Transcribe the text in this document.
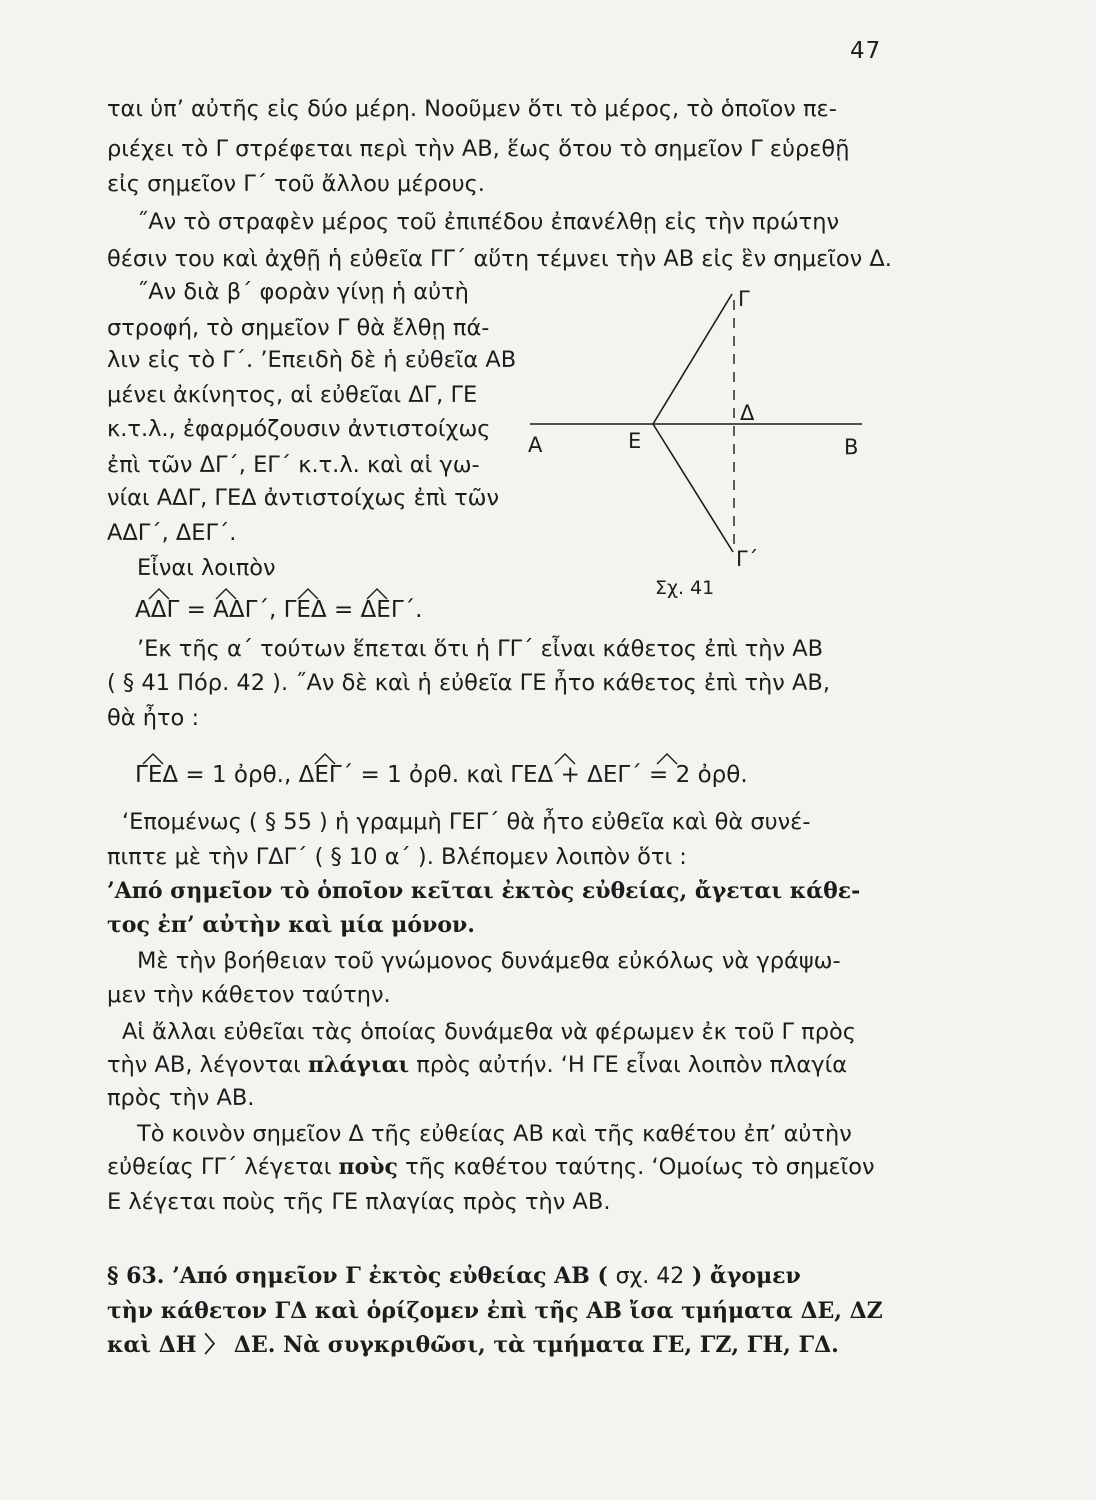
47
ται ὑπ’ αὐτῆς εἰς δύο μέρη. Νοοῦμεν ὅτι τὸ μέρος, τὸ ὁποῖον πε-
ριέχει τὸ Γ στρέφεται περὶ τὴν ΑΒ, ἕως ὅτου τὸ σημεῖον Γ εὑρεθῇ
εἰς σημεῖον Γ΄ τοῦ ἄλλου μέρους.
˝Αν τὸ στραφὲν μέρος τοῦ ἐπιπέδου ἐπανέλθῃ εἰς τὴν πρώτην
θέσιν του καὶ ἀχθῇ ἡ εὐθεῖα ΓΓ΄ αὕτη τέμνει τὴν ΑΒ εἰς ἓν σημεῖον Δ.
˝Αν διὰ β΄ φορὰν γίνῃ ἡ αὐτὴ
στροφή, τὸ σημεῖον Γ θὰ ἔλθῃ πά-
λιν εἰς τὸ Γ΄. ’Επειδὴ δὲ ἡ εὐθεῖα ΑΒ
μένει ἀκίνητος, αἱ εὐθεῖαι ΔΓ, ΓΕ
κ.τ.λ., ἐφαρμόζουσιν ἀντιστοίχως
ἐπὶ τῶν ΔΓ΄, ΕΓ΄ κ.τ.λ. καὶ αἱ γω-
νίαι ΑΔΓ, ΓΕΔ ἀντιστοίχως ἐπὶ τῶν
ΑΔΓ΄, ΔΕΓ΄.
Εἶναι λοιπὸν
ΑΔΓ = ΑΔΓ΄, ΓΕΔ = ΔΕΓ΄.
’Εκ τῆς α΄ τούτων ἕπεται ὅτι ἡ ΓΓ΄ εἶναι κάθετος ἐπὶ τὴν ΑΒ
( § 41 Πόρ. 42 ). ˝Αν δὲ καὶ ἡ εὐθεῖα ΓΕ ἦτο κάθετος ἐπὶ τὴν ΑΒ,
θὰ ἦτο :
ΓΕΔ = 1 ὀρθ., ΔΕΓ΄ = 1 ὀρθ. καὶ ΓΕΔ + ΔΕΓ΄ = 2 ὀρθ.
‘Επομένως ( § 55 ) ἡ γραμμὴ ΓΕΓ΄ θὰ ἦτο εὐθεῖα καὶ θὰ συνέ-
πιπτε μὲ τὴν ΓΔΓ΄ ( § 10 α΄ ). Βλέπομεν λοιπὸν ὅτι :
’Από σημεῖον τὸ ὁποῖον κεῖται ἐκτὸς εὐθείας, ἄγεται κάθε-
τος ἐπ’ αὐτὴν καὶ μία μόνον.
Μὲ τὴν βοήθειαν τοῦ γνώμονος δυνάμεθα εὐκόλως νὰ γράψω-
μεν τὴν κάθετον ταύτην.
Αἱ ἄλλαι εὐθεῖαι τὰς ὁποίας δυνάμεθα νὰ φέρωμεν ἐκ τοῦ Γ πρὸς
τὴν ΑΒ, λέγονται πλάγιαι πρὸς αὐτήν. ‘Η ΓΕ εἶναι λοιπὸν πλαγία
πρὸς τὴν ΑΒ.
Τὸ κοινὸν σημεῖον Δ τῆς εὐθείας ΑΒ καὶ τῆς καθέτου ἐπ’ αὐτὴν
εὐθείας ΓΓ΄ λέγεται ποὺς τῆς καθέτου ταύτης. ‘Ομοίως τὸ σημεῖον
Ε λέγεται ποὺς τῆς ΓΕ πλαγίας πρὸς τὴν ΑΒ.
§ 63. ’Από σημεῖον Γ ἐκτὸς εὐθείας ΑΒ ( σχ. 42 ) ἄγομεν
τὴν κάθετον ΓΔ καὶ ὁρίζομεν ἐπὶ τῆς ΑΒ ἴσα τμήματα ΔΕ, ΔΖ
καὶ ΔΗ 〉 ΔΕ. Νὰ συγκριθῶσι, τὰ τμήματα ΓΕ, ΓΖ, ΓΗ, ΓΔ.
Α	Ε	Β
Δ
Γ
Γ΄
Σχ. 41
